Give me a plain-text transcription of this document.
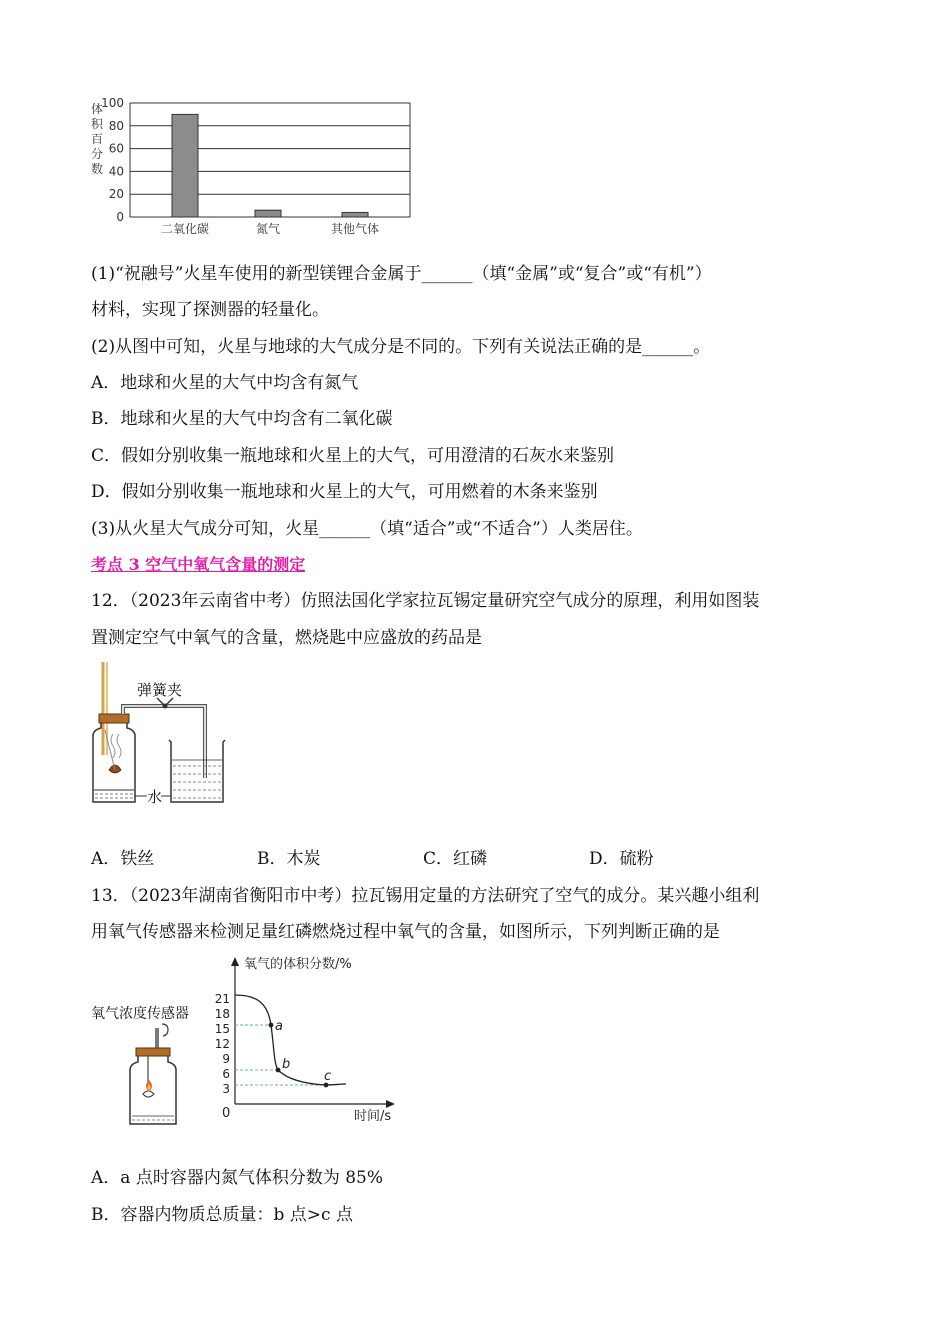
体
积
百
分
数
0
20
40
60
80
100
二氧化碳	氮气	其他气体
(1)“祝融号”火星车使用的新型镁锂合金属于______（填“金属”或“复合”或“有机”）
材料，实现了探测器的轻量化。
(2)从图中可知，火星与地球的大气成分是不同的。下列有关说法正确的是______。
A．地球和火星的大气中均含有氮气
B．地球和火星的大气中均含有二氧化碳
C．假如分别收集一瓶地球和火星上的大气，可用澄清的石灰水来鉴别
D．假如分别收集一瓶地球和火星上的大气，可用燃着的木条来鉴别
(3)从火星大气成分可知，火星______（填“适合”或“不适合”）人类居住。
考点 3 空气中氧气含量的测定
12．（2023年云南省中考）仿照法国化学家拉瓦锡定量研究空气成分的原理，利用如图装
置测定空气中氧气的含量，燃烧匙中应盛放的药品是
弹簧夹
水
A．铁丝	B．木炭	C．红磷	D．硫粉
13．（2023年湖南省衡阳市中考）拉瓦锡用定量的方法研究了空气的成分。某兴趣小组利
用氧气传感器来检测足量红磷燃烧过程中氧气的含量，如图所示，下列判断正确的是
氧气浓度传感器
21
18
15
12
9
6
3
氧气的体积分数/%
0	时间/s
a
b
c
A．a 点时容器内氮气体积分数为 85%
B．容器内物质总质量：b 点>c 点
